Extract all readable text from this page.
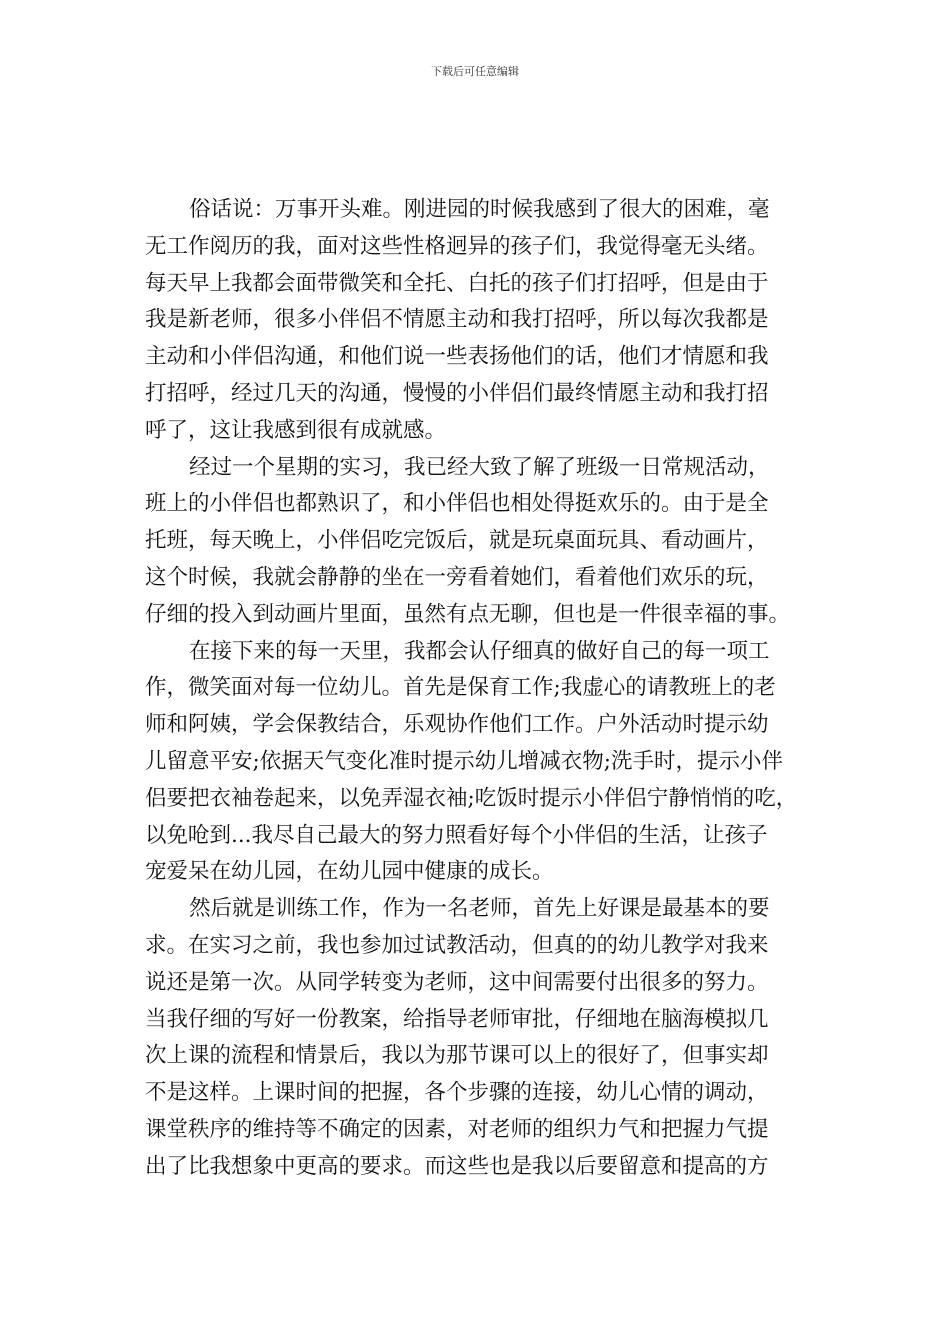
下载后可任意编辑
俗话说：万事开头难。刚进园的时候我感到了很大的困难，毫
无工作阅历的我，面对这些性格迥异的孩子们，我觉得毫无头绪。
每天早上我都会面带微笑和全托、白托的孩子们打招呼，但是由于
我是新老师，很多小伴侣不情愿主动和我打招呼，所以每次我都是
主动和小伴侣沟通，和他们说一些表扬他们的话，他们才情愿和我
打招呼，经过几天的沟通，慢慢的小伴侣们最终情愿主动和我打招
呼了，这让我感到很有成就感。
经过一个星期的实习，我已经大致了解了班级一日常规活动，
班上的小伴侣也都熟识了，和小伴侣也相处得挺欢乐的。由于是全
托班，每天晚上，小伴侣吃完饭后，就是玩桌面玩具、看动画片，
这个时候，我就会静静的坐在一旁看着她们，看着他们欢乐的玩，
仔细的投入到动画片里面，虽然有点无聊，但也是一件很幸福的事。
在接下来的每一天里，我都会认仔细真的做好自己的每一项工
作，微笑面对每一位幼儿。首先是保育工作;我虚心的请教班上的老
师和阿姨，学会保教结合，乐观协作他们工作。户外活动时提示幼
儿留意平安;依据天气变化准时提示幼儿增减衣物;洗手时，提示小伴
侣要把衣袖卷起来，以免弄湿衣袖;吃饭时提示小伴侣宁静悄悄的吃，
以免呛到...我尽自己最大的努力照看好每个小伴侣的生活，让孩子
宠爱呆在幼儿园，在幼儿园中健康的成长。
然后就是训练工作，作为一名老师，首先上好课是最基本的要
求。在实习之前，我也参加过试教活动，但真的的幼儿教学对我来
说还是第一次。从同学转变为老师，这中间需要付出很多的努力。
当我仔细的写好一份教案，给指导老师审批，仔细地在脑海模拟几
次上课的流程和情景后，我以为那节课可以上的很好了，但事实却
不是这样。上课时间的把握，各个步骤的连接，幼儿心情的调动，
课堂秩序的维持等不确定的因素，对老师的组织力气和把握力气提
出了比我想象中更高的要求。而这些也是我以后要留意和提高的方
